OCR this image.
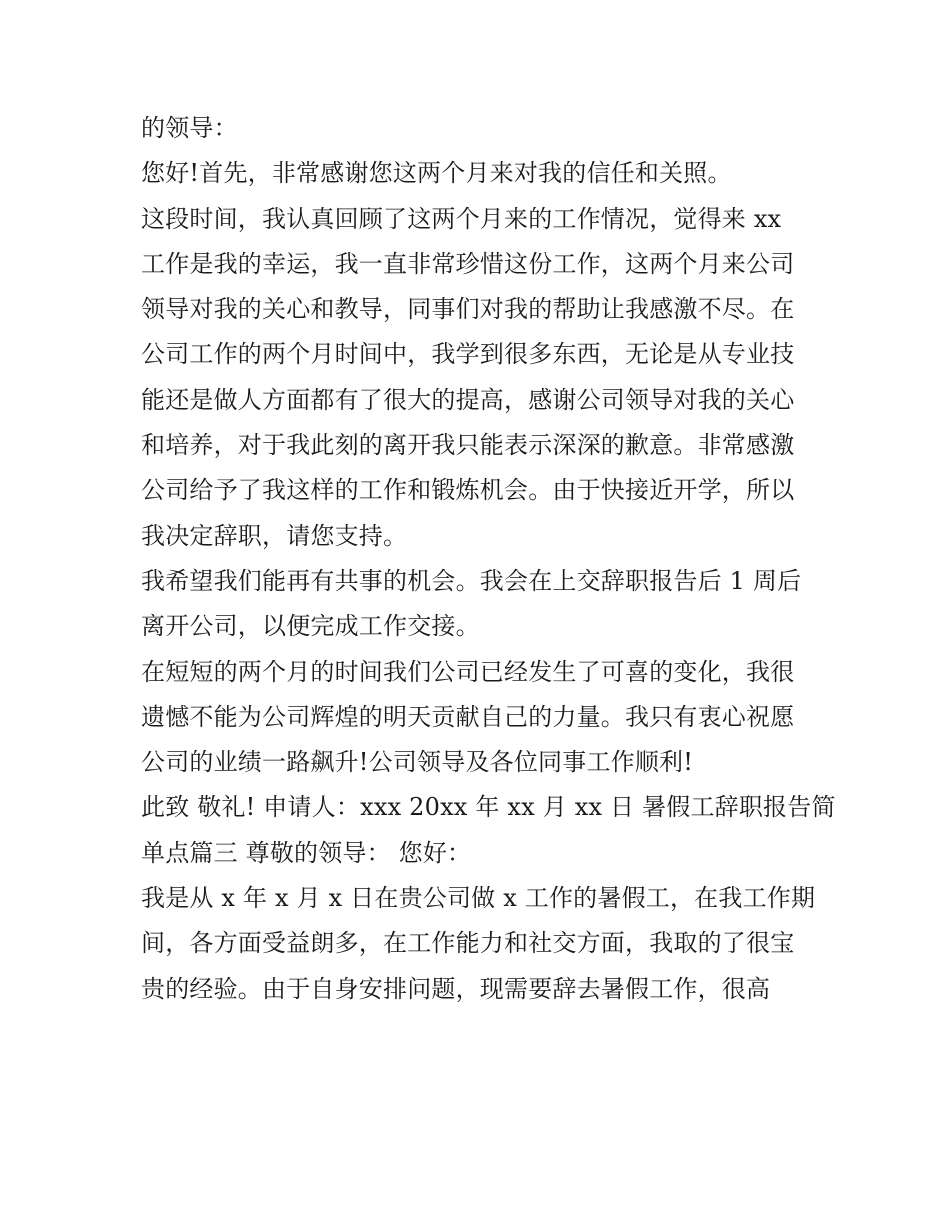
的领导：
您好!首先，非常感谢您这两个月来对我的信任和关照。
这段时间，我认真回顾了这两个月来的工作情况，觉得来 xx
工作是我的幸运，我一直非常珍惜这份工作，这两个月来公司
领导对我的关心和教导，同事们对我的帮助让我感激不尽。在
公司工作的两个月时间中，我学到很多东西，无论是从专业技
能还是做人方面都有了很大的提高，感谢公司领导对我的关心
和培养，对于我此刻的离开我只能表示深深的歉意。非常感激
公司给予了我这样的工作和锻炼机会。由于快接近开学，所以
我决定辞职，请您支持。
我希望我们能再有共事的机会。我会在上交辞职报告后 1 周后
离开公司，以便完成工作交接。
在短短的两个月的时间我们公司已经发生了可喜的变化，我很
遗憾不能为公司辉煌的明天贡献自己的力量。我只有衷心祝愿
公司的业绩一路飙升!公司领导及各位同事工作顺利!
此致 敬礼! 申请人：xxx 20xx 年 xx 月 xx 日 暑假工辞职报告简
单点篇三 尊敬的领导： 您好：
我是从 x 年 x 月 x 日在贵公司做 x 工作的暑假工，在我工作期
间，各方面受益朗多，在工作能力和社交方面，我取的了很宝
贵的经验。由于自身安排问题，现需要辞去暑假工作，很高
